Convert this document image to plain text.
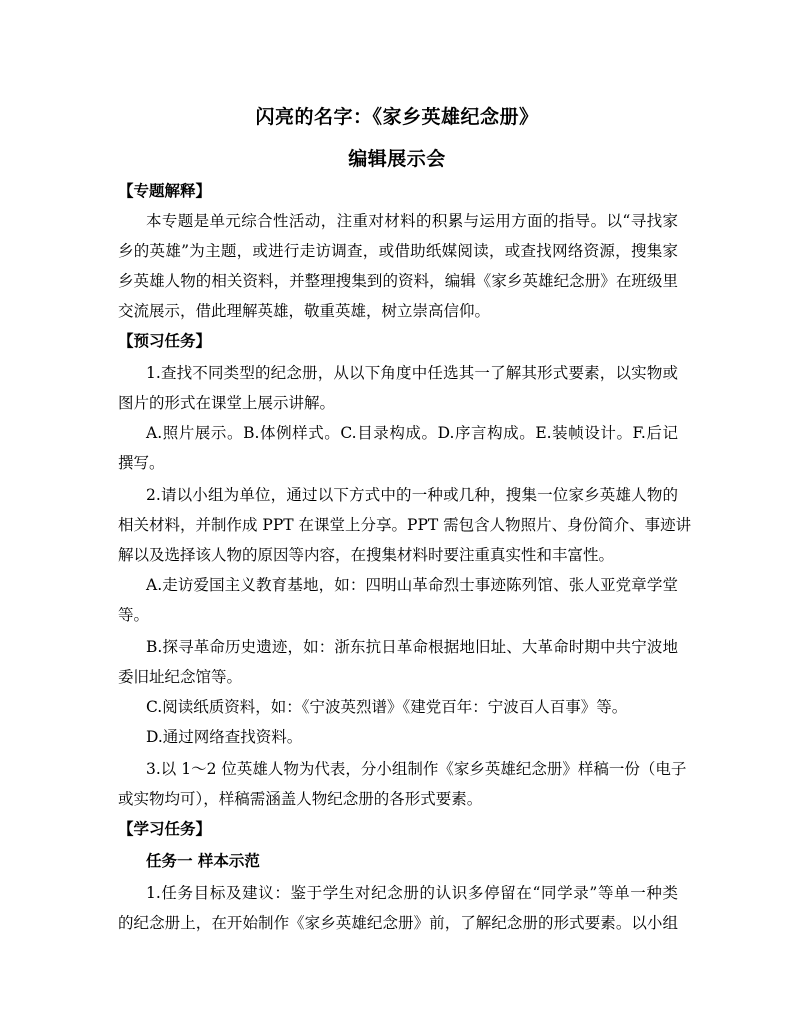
闪亮的名字：《家乡英雄纪念册》
编辑展示会
【专题解释】
本专题是单元综合性活动，注重对材料的积累与运用方面的指导。以“寻找家
乡的英雄”为主题，或进行走访调查，或借助纸媒阅读，或查找网络资源，搜集家
乡英雄人物的相关资料，并整理搜集到的资料，编辑《家乡英雄纪念册》在班级里
交流展示，借此理解英雄，敬重英雄，树立崇高信仰。
【预习任务】
1.查找不同类型的纪念册，从以下角度中任选其一了解其形式要素，以实物或
图片的形式在课堂上展示讲解。
A.照片展示。B.体例样式。C.目录构成。D.序言构成。E.装帧设计。F.后记
撰写。
2.请以小组为单位，通过以下方式中的一种或几种，搜集一位家乡英雄人物的
相关材料，并制作成 PPT 在课堂上分享。PPT 需包含人物照片、身份简介、事迹讲
解以及选择该人物的原因等内容，在搜集材料时要注重真实性和丰富性。
A.走访爱国主义教育基地，如：四明山革命烈士事迹陈列馆、张人亚党章学堂
等。
B.探寻革命历史遗迹，如：浙东抗日革命根据地旧址、大革命时期中共宁波地
委旧址纪念馆等。
C.阅读纸质资料，如：《宁波英烈谱》《建党百年：宁波百人百事》等。
D.通过网络查找资料。
3.以 1～2 位英雄人物为代表，分小组制作《家乡英雄纪念册》样稿一份（电子
或实物均可），样稿需涵盖人物纪念册的各形式要素。
【学习任务】
任务一 样本示范
1.任务目标及建议：鉴于学生对纪念册的认识多停留在“同学录”等单一种类
的纪念册上，在开始制作《家乡英雄纪念册》前，了解纪念册的形式要素。以小组
